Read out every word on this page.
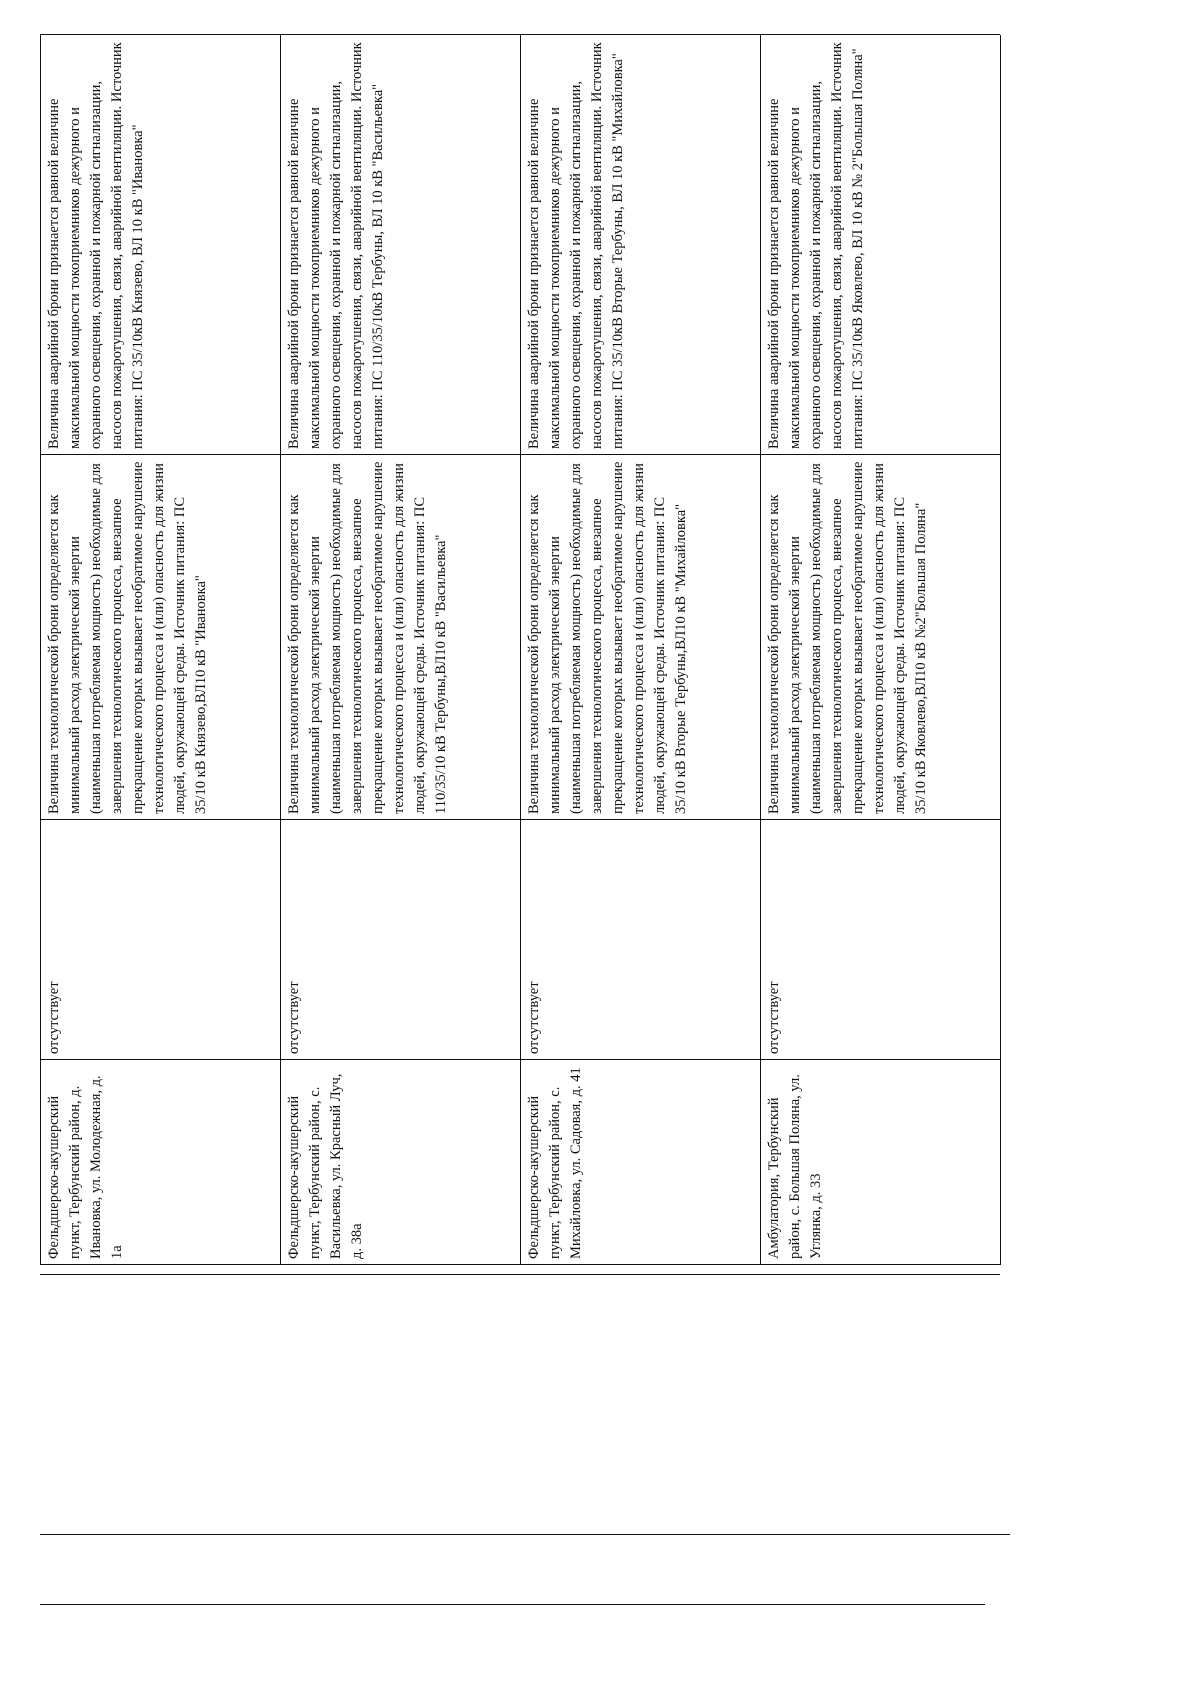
Фельдшерско-акушерский пункт, Тербунский район, д. Ивановка, ул. Молодежная, д. 1а
отсутствует
Величина технологической брони определяется как минимальный расход электрической энергии (наименьшая потребляемая мощность) необходимые для завершения технологического процесса, внезапное прекращение которых вызывает необратимое нарушение технологического процесса и (или) опасность для жизни людей, окружающей среды. Источник питания: ПС 35/10 кВ Князево,ВЛ10 кВ "Ивановка"
Величина аварийной брони признается равной величине максимальной мощности токоприемников дежурного и охранного освещения, охранной и пожарной сигнализации, насосов пожаротушения, связи, аварийной вентиляции. Источник питания: ПС 35/10кВ Князево, ВЛ 10 кВ "Ивановка"
Фельдшерско-акушерский пункт, Тербунский район, с. Васильевка, ул. Красный Луч, д. 38а
отсутствует
Величина технологической брони определяется как минимальный расход электрической энергии (наименьшая потребляемая мощность) необходимые для завершения технологического процесса, внезапное прекращение которых вызывает необратимое нарушение технологического процесса и (или) опасность для жизни людей, окружающей среды. Источник питания: ПС 110/35/10 кВ Тербуны,ВЛ10 кВ "Васильевка"
Величина аварийной брони признается равной величине максимальной мощности токоприемников дежурного и охранного освещения, охранной и пожарной сигнализации, насосов пожаротушения, связи, аварийной вентиляции. Источник питания: ПС 110/35/10кВ Тербуны, ВЛ 10 кВ "Васильевка"
Фельдшерско-акушерский пункт, Тербунский район, с. Михайловка, ул. Садовая, д. 41
отсутствует
Величина технологической брони определяется как минимальный расход электрической энергии (наименьшая потребляемая мощность) необходимые для завершения технологического процесса, внезапное прекращение которых вызывает необратимое нарушение технологического процесса и (или) опасность для жизни людей, окружающей среды. Источник питания: ПС 35/10 кВ Вторые Тербуны,ВЛ10 кВ "Михайловка"
Величина аварийной брони признается равной величине максимальной мощности токоприемников дежурного и охранного освещения, охранной и пожарной сигнализации, насосов пожаротушения, связи, аварийной вентиляции. Источник питания: ПС 35/10кВ Вторые Тербуны, ВЛ 10 кВ "Михайловка"
Амбулатория, Тербунский район, с. Большая Поляна, ул. Углянка, д. 33
отсутствует
Величина технологической брони определяется как минимальный расход электрической энергии (наименьшая потребляемая мощность) необходимые для завершения технологического процесса, внезапное прекращение которых вызывает необратимое нарушение технологического процесса и (или) опасность для жизни людей, окружающей среды. Источник питания: ПС 35/10 кВ Яковлево,ВЛ10 кВ №2"Большая Поляна"
Величина аварийной брони признается равной величине максимальной мощности токоприемников дежурного и охранного освещения, охранной и пожарной сигнализации, насосов пожаротушения, связи, аварийной вентиляции. Источник питания: ПС 35/10кВ Яковлево, ВЛ 10 кВ № 2"Большая Поляна"
